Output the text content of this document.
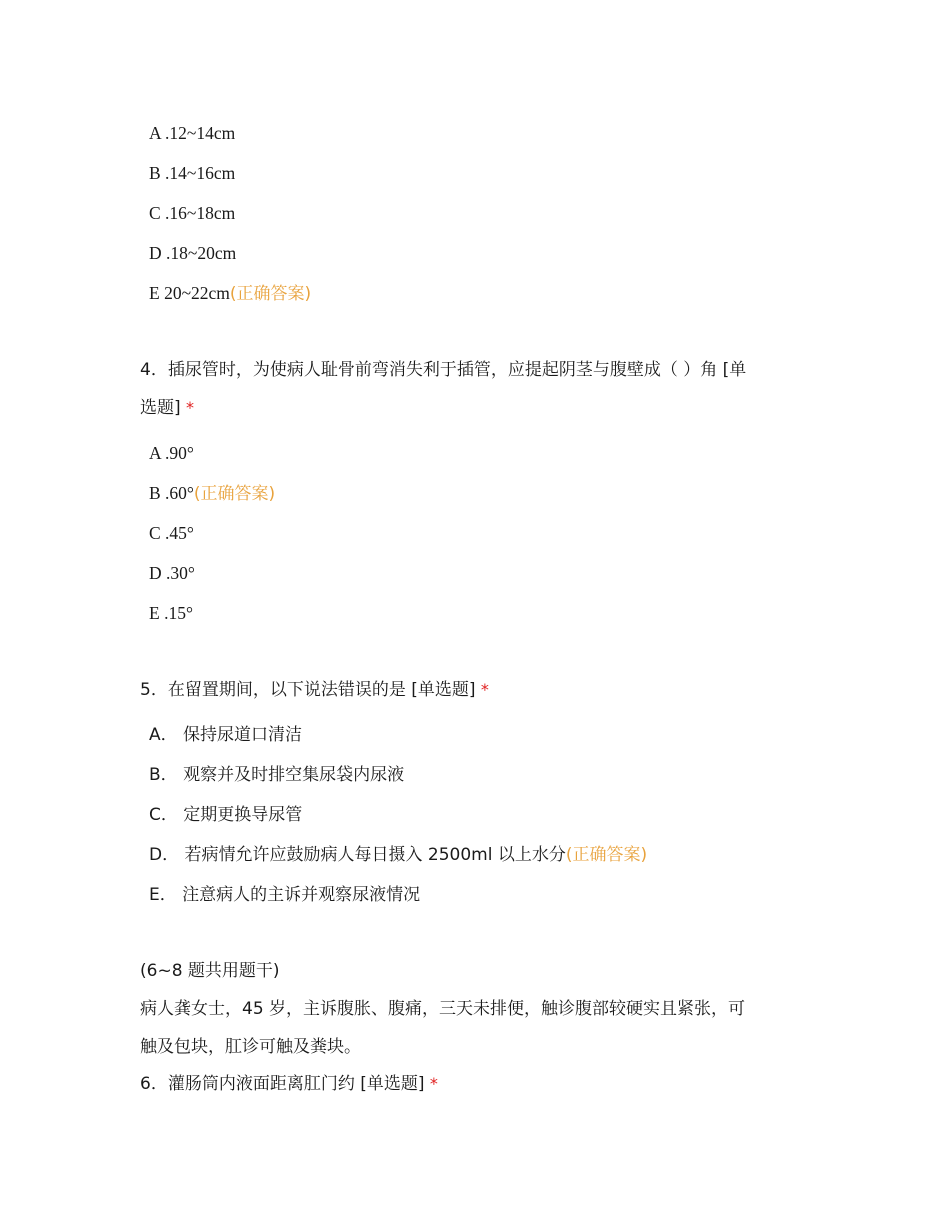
A .12~14cm
B .14~16cm
C .16~18cm
D .18~20cm
E 20~22cm(正确答案)
4．插尿管时，为使病人耻骨前弯消失利于插管，应提起阴茎与腹壁成（ ）角 [单
选题] *
A .90°
B .60°(正确答案)
C .45°
D .30°
E .15°
5．在留置期间，以下说法错误的是 [单选题] *
A． 保持尿道口清洁
B． 观察并及时排空集尿袋内尿液
C． 定期更换导尿管
D． 若病情允许应鼓励病人每日摄入 2500ml 以上水分(正确答案)
E． 注意病人的主诉并观察尿液情况
(6~8 题共用题干)
病人龚女士，45 岁，主诉腹胀、腹痛，三天未排便，触诊腹部较硬实且紧张，可
触及包块，肛诊可触及粪块。
6．灌肠筒内液面距离肛门约 [单选题] *
